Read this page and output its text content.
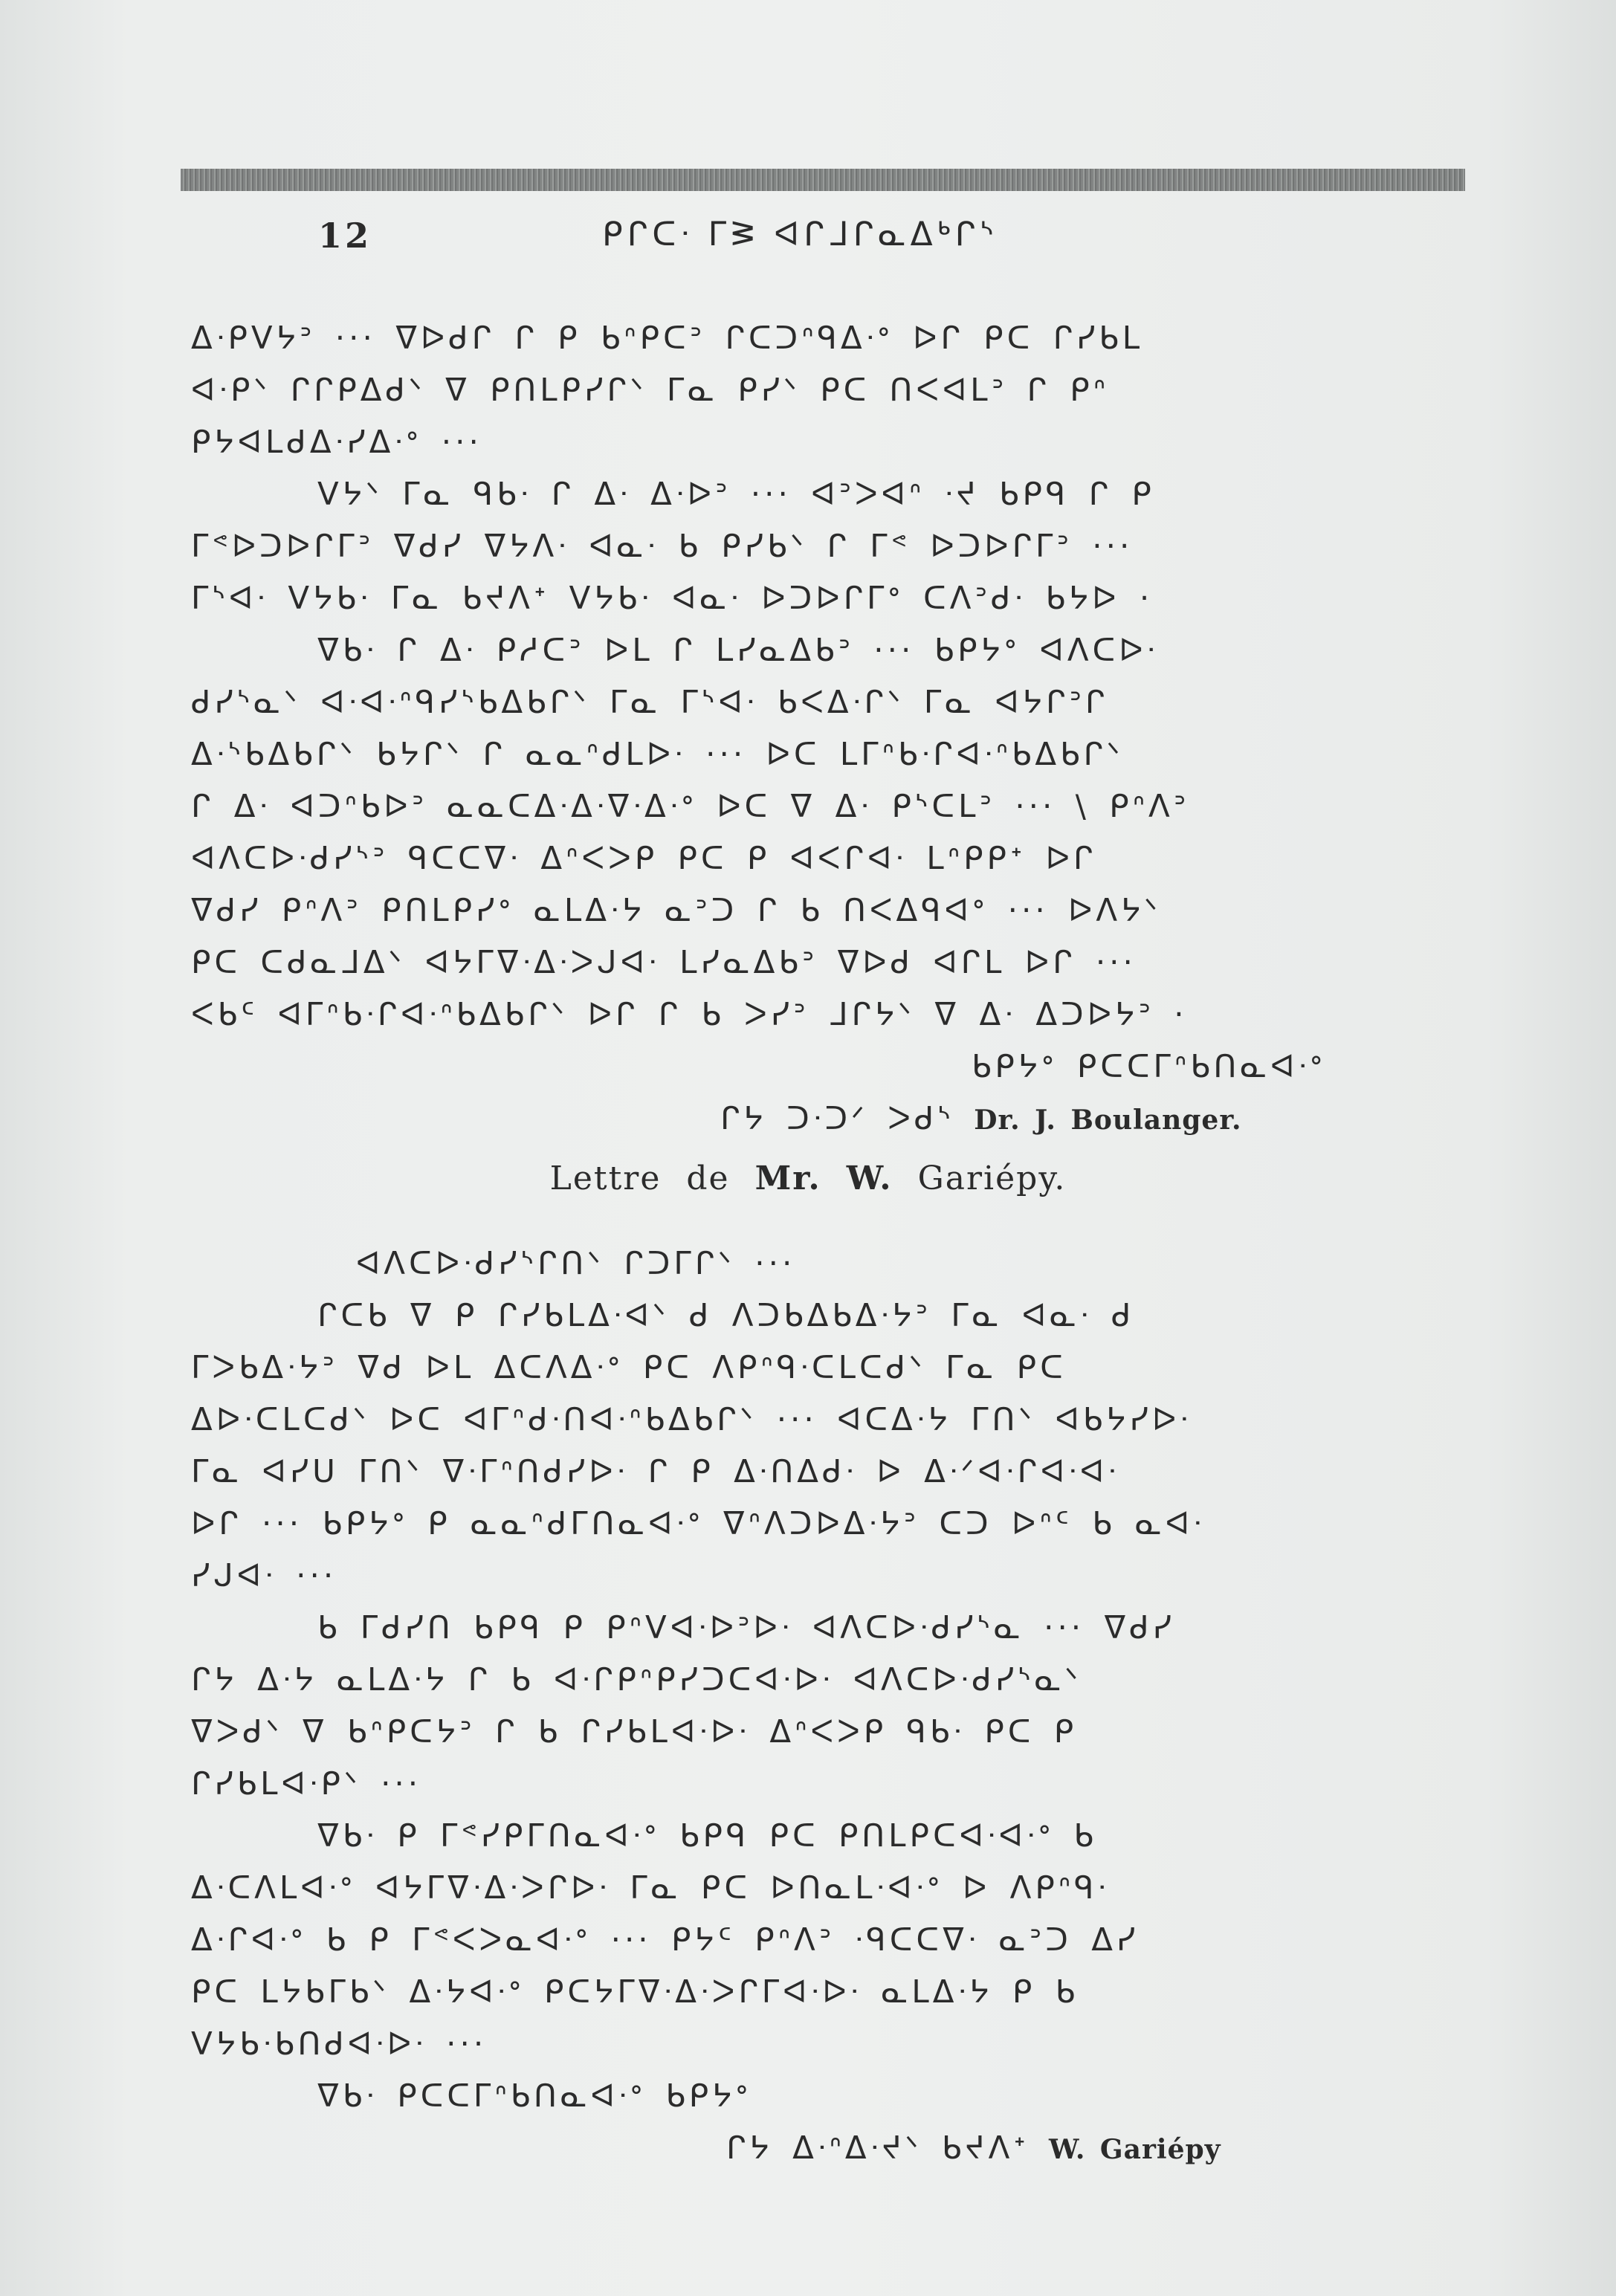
12	ᑭᒋᑕᐧ ᒥᕒ ᐊᒋᒧᒋᓇᐃᒃᒋᔅ
ᐃᐧᑭᐯᔭᐣ ··· ᐁᐅᑯᒋ ᒋ ᑭ ᑲᐢᑭᑕᐣ ᒋᑕᑐᐢᑫᐃᐧᐤ ᐅᒋ ᑭᑕ ᒋᓯᑲᒪ
ᐊᐧᑭᐠ ᒋᒋᑭᐃᑯᐠ ᐁ ᑭᑎᒪᑭᓯᒋᐠ ᒥᓇ ᑭᓯᐠ ᑭᑕ ᑎᐸᐊᒪᐣ ᒋ ᑭᐢ
ᑭᔭᐊᒪᑯᐃᐧᓯᐃᐧᐤ ···
ᐯᔭᐠ ᒥᓇ ᑫᑲᐧ ᒋ ᐃᐧ ᐃᐧᐅᐣ ··· ᐊᐣᐳᐊᐢ ᐧᔪ ᑲᑭᑫ ᒋ ᑭ
ᒥᕝᐅᑐᐅᒋᒥᐣ ᐁᑯᓯ ᐁᔭᐱᐧ ᐊᓇᐧ ᑲ ᑭᓯᑲᐠ ᒋ ᒥᕝ ᐅᑐᐅᒋᒥᐣ ···
ᒥᔅᐊᐧ ᐯᔭᑲᐧ ᒥᓇ ᑲᔪᐱᐩ ᐯᔭᑲᐧ ᐊᓇᐧ ᐅᑐᐅᒋᒥᐤ ᑕᐱᐣᑯᐧ ᑲᔭᐅ ·
ᐁᑲᐧ ᒋ ᐃᐧ ᑭᓱᑕᐣ ᐅᒪ ᒋ ᒪᓯᓇᐃᑲᐣ ··· ᑲᑭᔭᐤ ᐊᐱᑕᐅᐧ
ᑯᓯᔅᓇᐠ ᐊᐧᐊᐧᐢᑫᓯᔅᑲᐃᑲᒋᐠ ᒥᓇ ᒥᔅᐊᐧ ᑲᐸᐃᐧᒋᐠ ᒥᓇ ᐊᔭᒋᐣᒋ
ᐃᐧᔅᑲᐃᑲᒋᐠ ᑲᔭᒋᐠ ᒋ ᓇᓇᐢᑯᒪᐅᐧ ··· ᐅᑕ ᒪᒥᐢᑲᐧᒋᐊᐧᐢᑲᐃᑲᒋᐠ
ᒋ ᐃᐧ ᐊᑐᐢᑲᐅᐣ ᓇᓇᑕᐃᐧᐃᐧᐁᐧᐃᐧᐤ ᐅᑕ ᐁ ᐃᐧ ᑭᔅᑕᒪᐣ ··· \ ᑭᐢᐱᐣ
ᐊᐱᑕᐅᐧᑯᓯᔅᐣ ᑫᑕᑕᐁᐧ ᐃᐢᐸᐳᑭ ᑭᑕ ᑭ ᐊᐸᒋᐊᐧ ᒪᐢᑭᑭᐩ ᐅᒋ
ᐁᑯᓯ ᑭᐢᐱᐣ ᑭᑎᒪᑭᓯᐤ ᓇᒪᐃᐧᔭ ᓇᐣᑐ ᒋ ᑲ ᑎᐸᐃᑫᐊᐤ ··· ᐅᐱᔭᐠ
ᑭᑕ ᑕᑯᓇᒧᐃᐠ ᐊᔭᒥᐁᐧᐃᐧᐳᒍᐊᐧ ᒪᓯᓇᐃᑲᐣ ᐁᐅᑯ ᐊᒋᒪ ᐅᒋ ···
ᐸᑲᑦ ᐊᒥᐢᑲᐧᒋᐊᐧᐢᑲᐃᑲᒋᐠ ᐅᒋ ᒋ ᑲ ᐳᓯᐣ ᒧᒋᔭᐠ ᐁ ᐃᐧ ᐃᑐᐅᔭᐣ ·
ᑲᑭᔭᐤ ᑭᑕᑕᒥᐢᑲᑎᓇᐊᐧᐤ
ᒋᔭ ᑐᐧᑐᐟ ᐳᑯᔅ Dr. J. Boulanger.
Lettre de Mr. W. Gariépy.
ᐊᐱᑕᐅᐧᑯᓯᔅᒋᑎᐠ ᒋᑐᒥᒋᐠ ···
ᒋᑕᑲ ᐁ ᑭ ᒋᓯᑲᒪᐃᐧᐊᐠ ᑯ ᐱᑐᑲᐃᑲᐃᐧᔭᐣ ᒥᓇ ᐊᓇᐧ ᑯ
ᒥᐳᑲᐃᐧᔭᐣ ᐁᑯ ᐅᒪ ᐃᑕᐱᐃᐧᐤ ᑭᑕ ᐱᑭᐢᑫᐧᑕᒪᑕᑯᐠ ᒥᓇ ᑭᑕ
ᐃᐅᐧᑕᒪᑕᑯᐠ ᐅᑕ ᐊᒥᐢᑯᐧᑎᐊᐧᐢᑲᐃᑲᒋᐠ ··· ᐊᑕᐃᐧᔭ ᒥᑎᐠ ᐊᑲᔭᓯᐅᐧ
ᒥᓇ ᐊᓯᑌ ᒥᑎᐠ ᐁᐧᒥᐢᑎᑯᓯᐅᐧ ᒋ ᑭ ᐃᐧᑎᐃᑯᐧ ᐅ ᐃᐧᐟᐊᐧᒋᐊᐧᐊᐧ
ᐅᒋ ··· ᑲᑭᔭᐤ ᑭ ᓇᓇᐢᑯᒥᑎᓇᐊᐧᐤ ᐁᐢᐱᑐᐅᐃᐧᔭᐣ ᑕᑐ ᐅᐢᑦ ᑲ ᓇᐊᐧ
ᓯᒍᐊᐧ ···
ᑲ ᒥᑯᓯᑎ ᑲᑭᑫ ᑭ ᑭᐢᐯᐊᐧᐅᐣᐅᐧ ᐊᐱᑕᐅᐧᑯᓯᔅᓇ ··· ᐁᑯᓯ
ᒋᔭ ᐃᐧᔭ ᓇᒪᐃᐧᔭ ᒋ ᑲ ᐊᐧᒋᑭᐢᑭᓯᑐᑕᐊᐧᐅᐧ ᐊᐱᑕᐅᐧᑯᓯᔅᓇᐠ
ᐁᐳᑯᐠ ᐁ ᑲᐢᑭᑕᔭᐣ ᒋ ᑲ ᒋᓯᑲᒪᐊᐧᐅᐧ ᐃᐢᐸᐳᑭ ᑫᑲᐧ ᑭᑕ ᑭ
ᒋᓯᑲᒪᐊᐧᑭᐠ ···
ᐁᑲᐧ ᑭ ᒥᕝᓯᑭᒥᑎᓇᐊᐧᐤ ᑲᑭᑫ ᑭᑕ ᑭᑎᒪᑭᑕᐊᐧᐊᐧᐤ ᑲ
ᐃᐧᑕᐱᒪᐊᐧᐤ ᐊᔭᒥᐁᐧᐃᐧᐳᒋᐅᐧ ᒥᓇ ᑭᑕ ᐅᑎᓇᒪᐧᐊᐧᐤ ᐅ ᐱᑭᐢᑫᐧ
ᐃᐧᒋᐊᐧᐤ ᑲ ᑭ ᒥᕝᐸᐳᓇᐊᐧᐤ ··· ᑭᔭᑦ ᑭᐢᐱᐣ ᐧᑫᑕᑕᐁᐧ ᓇᐣᑐ ᐃᓯ
ᑭᑕ ᒪᔭᑲᒥᑲᐠ ᐃᐧᔭᐊᐧᐤ ᑭᑕᔭᒥᐁᐧᐃᐧᐳᒋᒥᐊᐧᐅᐧ ᓇᒪᐃᐧᔭ ᑭ ᑲ
ᐯᔭᑲᐧᑲᑎᑯᐊᐧᐅᐧ ···
ᐁᑲᐧ ᑭᑕᑕᒥᐢᑲᑎᓇᐊᐧᐤ ᑲᑭᔭᐤ
ᒋᔭ ᐃᐧᐢᐃᐧᔪᐠ ᑲᔪᐱᐩ W. Gariépy
